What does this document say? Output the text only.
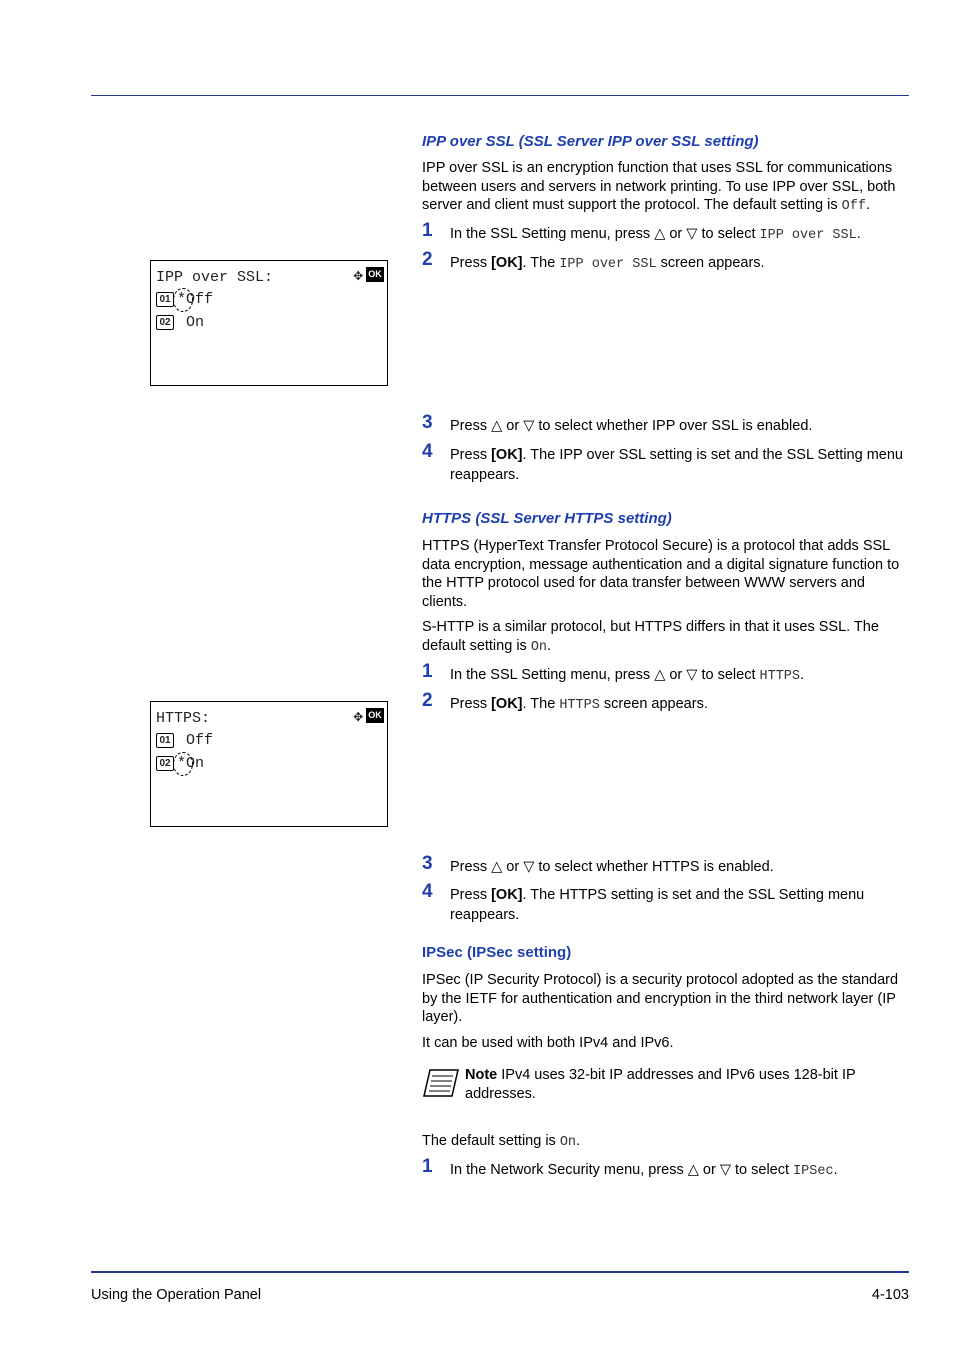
IPP over SSL (SSL Server IPP over SSL setting)

IPP over SSL is an encryption function that uses SSL for communications between users and servers in network printing. To use IPP over SSL, both server and client must support the protocol. The default setting is Off.

1 In the SSL Setting menu, press △ or ▽ to select IPP over SSL.
2 Press [OK]. The IPP over SSL screen appears.
IPP over SSL:	✥ OK
01 *Off
02 On
3 Press △ or ▽ to select whether IPP over SSL is enabled.
4 Press [OK]. The IPP over SSL setting is set and the SSL Setting menu reappears.
HTTPS (SSL Server HTTPS setting)

HTTPS (HyperText Transfer Protocol Secure) is a protocol that adds SSL data encryption, message authentication and a digital signature function to the HTTP protocol used for data transfer between WWW servers and clients.

S-HTTP is a similar protocol, but HTTPS differs in that it uses SSL. The default setting is On.

1 In the SSL Setting menu, press △ or ▽ to select HTTPS.
2 Press [OK]. The HTTPS screen appears.
HTTPS:	✥ OK
01 Off
02 *On
3 Press △ or ▽ to select whether HTTPS is enabled.
4 Press [OK]. The HTTPS setting is set and the SSL Setting menu reappears.
IPSec (IPSec setting)

IPSec (IP Security Protocol) is a security protocol adopted as the standard by the IETF for authentication and encryption in the third network layer (IP layer).

It can be used with both IPv4 and IPv6.

Note IPv4 uses 32-bit IP addresses and IPv6 uses 128-bit IP addresses.

The default setting is On.

1 In the Network Security menu, press △ or ▽ to select IPSec.
Using the Operation Panel	4-103
